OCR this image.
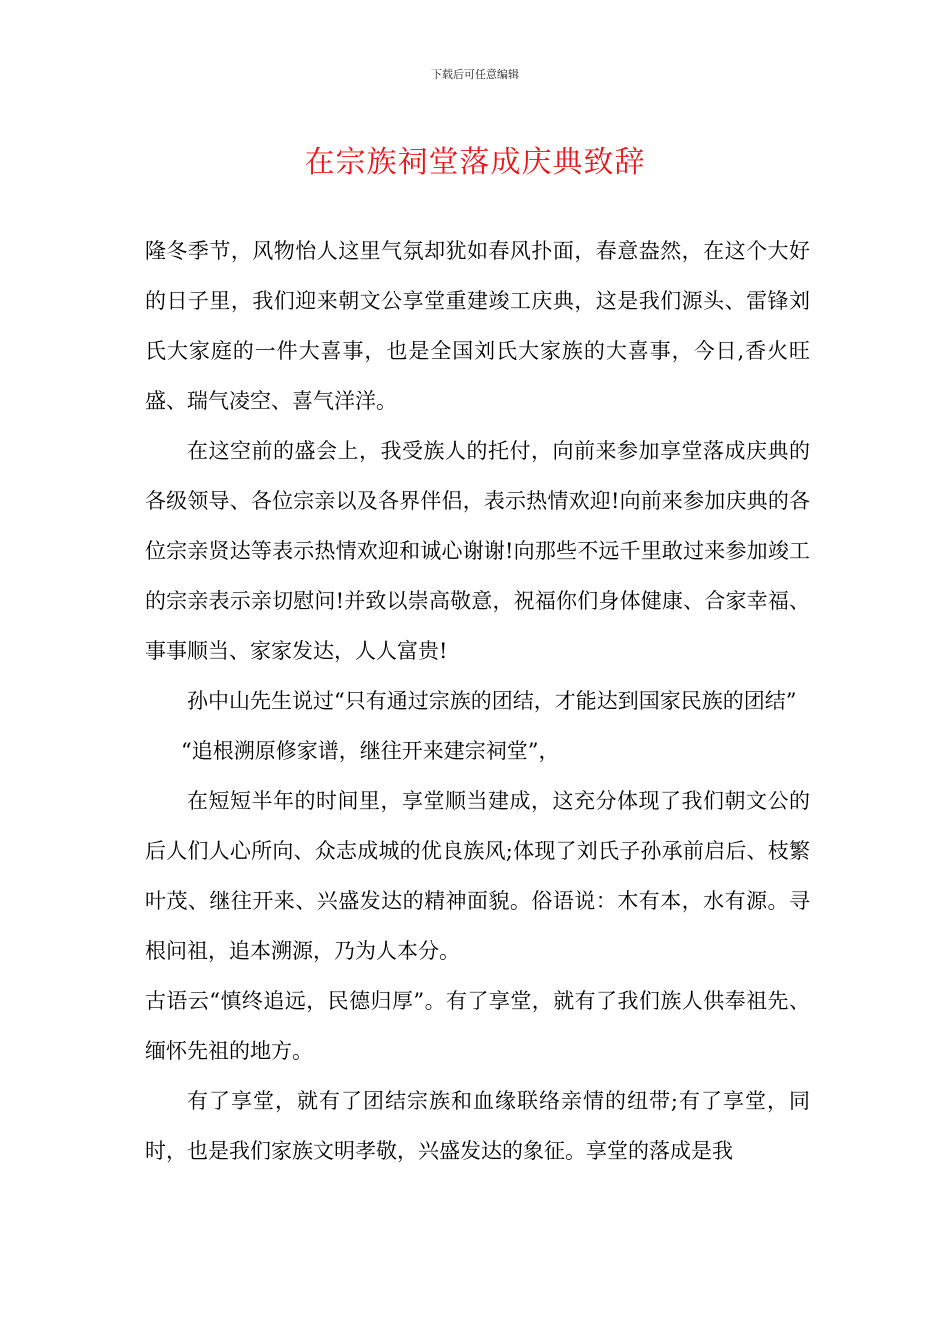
下载后可任意编辑
在宗族祠堂落成庆典致辞

隆冬季节，风物怡人这里气氛却犹如春风扑面，春意盎然，在这个大好的日子里，我们迎来朝文公享堂重建竣工庆典，这是我们源头、雷锋刘氏大家庭的一件大喜事，也是全国刘氏大家族的大喜事，今日,香火旺盛、瑞气凌空、喜气洋洋。

在这空前的盛会上，我受族人的托付，向前来参加享堂落成庆典的各级领导、各位宗亲以及各界伴侣，表示热情欢迎!向前来参加庆典的各位宗亲贤达等表示热情欢迎和诚心谢谢!向那些不远千里敢过来参加竣工的宗亲表示亲切慰问!并致以崇高敬意，祝福你们身体健康、合家幸福、事事顺当、家家发达，人人富贵!

孙中山先生说过“只有通过宗族的团结，才能达到国家民族的团结”

“追根溯原修家谱，继往开来建宗祠堂”，

在短短半年的时间里，享堂顺当建成，这充分体现了我们朝文公的后人们人心所向、众志成城的优良族风;体现了刘氏子孙承前启后、枝繁叶茂、继往开来、兴盛发达的精神面貌。俗语说：木有本，水有源。寻根问祖，追本溯源，乃为人本分。

古语云“慎终追远，民德归厚”。有了享堂，就有了我们族人供奉祖先、缅怀先祖的地方。

有了享堂，就有了团结宗族和血缘联络亲情的纽带;有了享堂，同时，也是我们家族文明孝敬，兴盛发达的象征。享堂的落成是我
